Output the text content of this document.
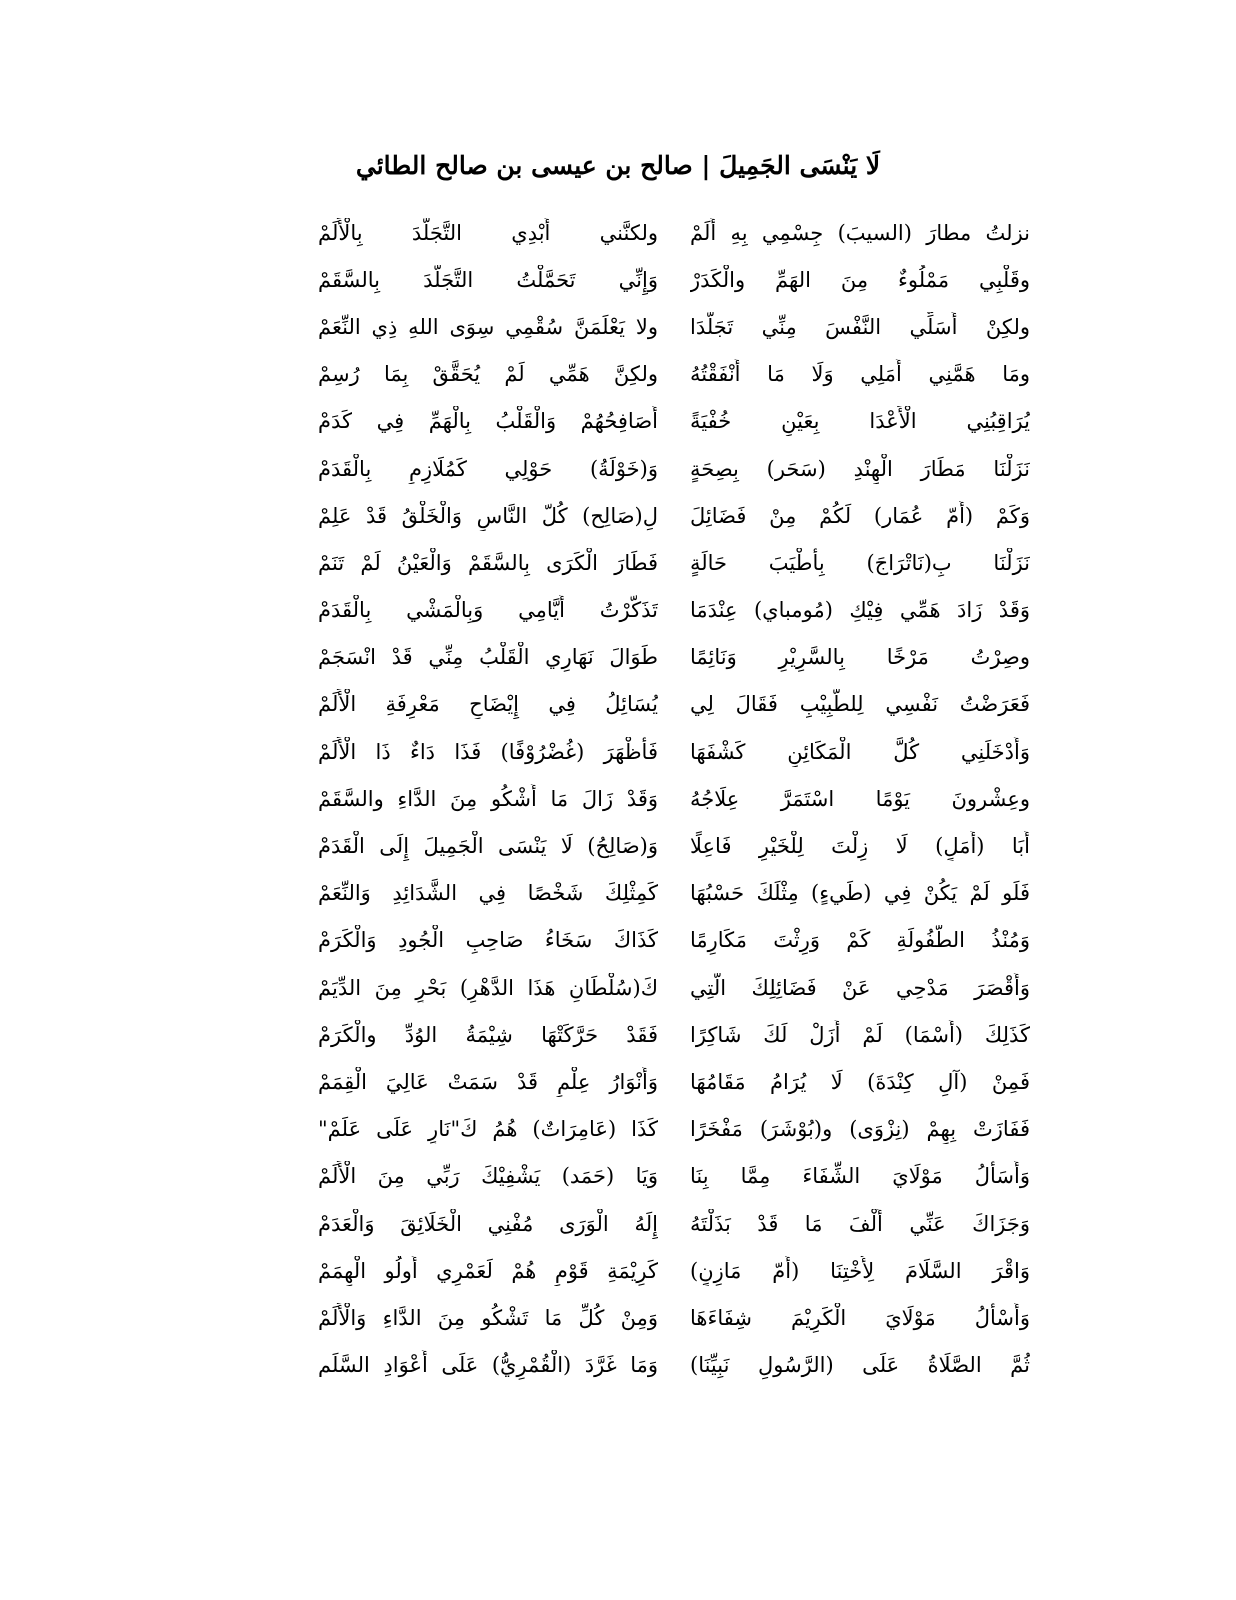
لَا يَنْسَى الجَمِيلَ | صالح بن عيسى بن صالح الطائي
نزلتُ مطارَ (السيبَ) جِسْمِي بِهِ أَلَمْ
ولكنَّني أُبْدِي التَّجَلُّدَ بِالْأَلَمْ
وقَلْبِي مَمْلُوءٌ مِنَ الهَمِّ والْكَدَرْ
وَإِنِّي تَحَمَّلْتُ التَّجَلُّدَ بِالسَّقَمْ
ولكِنْ أُسَلِّي النَّفْسَ مِنِّي تَجَلُّدَا
ولا يَعْلَمَنَّ سُقْمِي سِوَى اللهِ ذِي النِّعَمْ
ومَا هَمَّنِي أَمَلِي وَلَا مَا أَنْفَقْتُهُ
ولكِنَّ هَمِّي لَمْ يُحَقَّقْ بِمَا رُسِمْ
يُرَاقِبُنِي الْأَعْدَا بِعَيْنٍ خُفْيَةً
أُصَافِحُهُمْ وَالْقَلْبُ بِالْهَمِّ فِي كَدَمْ
نَزَلْنَا مَطَارَ الْهِنْدِ (سَحَر) بِصِحَةٍ
وَ(خَوْلَةُ) حَوْلِي كَمُلَازِمٍ بِالْقَدَمْ
وَكَمْ (أُمّ عُمَار) لَكُمْ مِنْ فَضَائِلَ
لِ(صَالِح) كُلّ النَّاسِ وَالْخَلْقُ قَدْ عَلِمْ
نَزَلْنَا بِ(نَاتْرَاجَ) بِأَطْيَبَ حَالَةٍ
فَطَارَ الْكَرَى بِالسَّقَمْ وَالْعَيْنُ لَمْ تَنَمْ
وَقَدْ زَادَ هَمِّي فِيْكِ (مُومباي) عِنْدَمَا
تَذَكَّرْتُ أَيَّامِي وَبِالْمَشْي بِالْقَدَمْ
وصِرْتُ مَرْخًا بِالسَّرِيْرِ وَنَائِمًا
طَوَالَ نَهَارِي الْقَلْبُ مِنِّي قَدْ انْسَجَمْ
فَعَرَضْتُ نَفْسِي لِلطَّبِيْبِ فَقَالَ لِي
يُسَائِلُ فِي إِيْضَاحِ مَعْرِفَةِ الْأَلَمْ
وَأَدْخَلَنِي كُلَّ الْمَكَائِنِ كَشْفَهَا
فَأَظْهَرَ (غُضْرُوْفًا) فَذَا دَاءٌ ذَا الْأَلَمْ
وعِشْرونَ يَوْمًا اسْتَمَرَّ عِلَاجُهُ
وَقَدْ زَالَ مَا أَشْكُو مِنَ الدَّاءِ والسَّقَمْ
أَبَا (أَمَلٍ) لَا زِلْتَ لِلْخَيْرِ فَاعِلًا
وَ(صَالِحُ) لَا يَنْسَى الْجَمِيلَ إِلَى الْقَدَمْ
فَلَو لَمْ يَكُنْ فِي (طَيءٍ) مِثْلَكَ حَسْبُهَا
كَمِثْلِكَ شَخْصًا فِي الشَّدَائِدِ وَالنِّعَمْ
وَمُنْذُ الطُّفُولَةِ كَمْ وَرِثْتَ مَكَارِمًا
كَذَاكَ سَخَاءُ صَاحِبِ الْجُودِ وَالْكَرَمْ
وَأَقْصَرَ مَدْحِي عَنْ فَضَائِلِكَ الَّتِي
كَ(سُلْطَانِ هَذَا الدَّهْرِ) بَحْرٍ مِنَ الدِّيَمْ
كَذَلِكَ (أَسْمَا) لَمْ أَزَلْ لَكَ شَاكِرًا
فَقَدْ حَرَّكَتْهَا شِيْمَةُ الوُدِّ والْكَرَمْ
فَمِنْ (آلِ كِنْدَةَ) لَا يُرَامُ مَقَامُهَا
وَأَنْوَارُ عِلْمٍ قَدْ سَمَتْ عَالِيَ الْقِمَمْ
فَفَازَتْ بِهِمْ (نِزْوَى) و(بُوْشَرَ) مَفْخَرًا
كَذَا (عَامِرَاتٌ) هُمُ كَ"نَارٍ عَلَى عَلَمْ"
وَأَسَأَلُ مَوْلَايَ الشِّفَاءَ مِمَّا بِنَا
وَيَا (حَمَد) يَشْفِيْكَ رَبِّي مِنَ الْأَلَمْ
وَجَزَاكَ عَنِّي أَلْفَ مَا قَدْ بَذَلْتَهُ
إِلَهُ الْوَرَى مُفْنِي الْخَلَائِقَ وَالْعَدَمْ
وَاقْرَ السَّلَامَ لِأُخْتِنَا (أُمّ مَازِنٍ)
كَرِيْمَةِ قَوْمٍ هُمْ لَعَمْرِي أُولُو الْهِمَمْ
وَأَسْأَلُ مَوْلَايَ الْكَرِيْمَ شِفَاءَهَا
وَمِنْ كُلِّ مَا تَشْكُو مِنَ الدَّاءِ وَالْأَلَمْ
ثُمَّ الصَّلَاةُ عَلَى (الرَّسُولِ نَبِيِّنَا)
وَمَا غَرَّدَ (الْقُمْرِيُّ) عَلَى أَعْوَادِ السَّلَم
